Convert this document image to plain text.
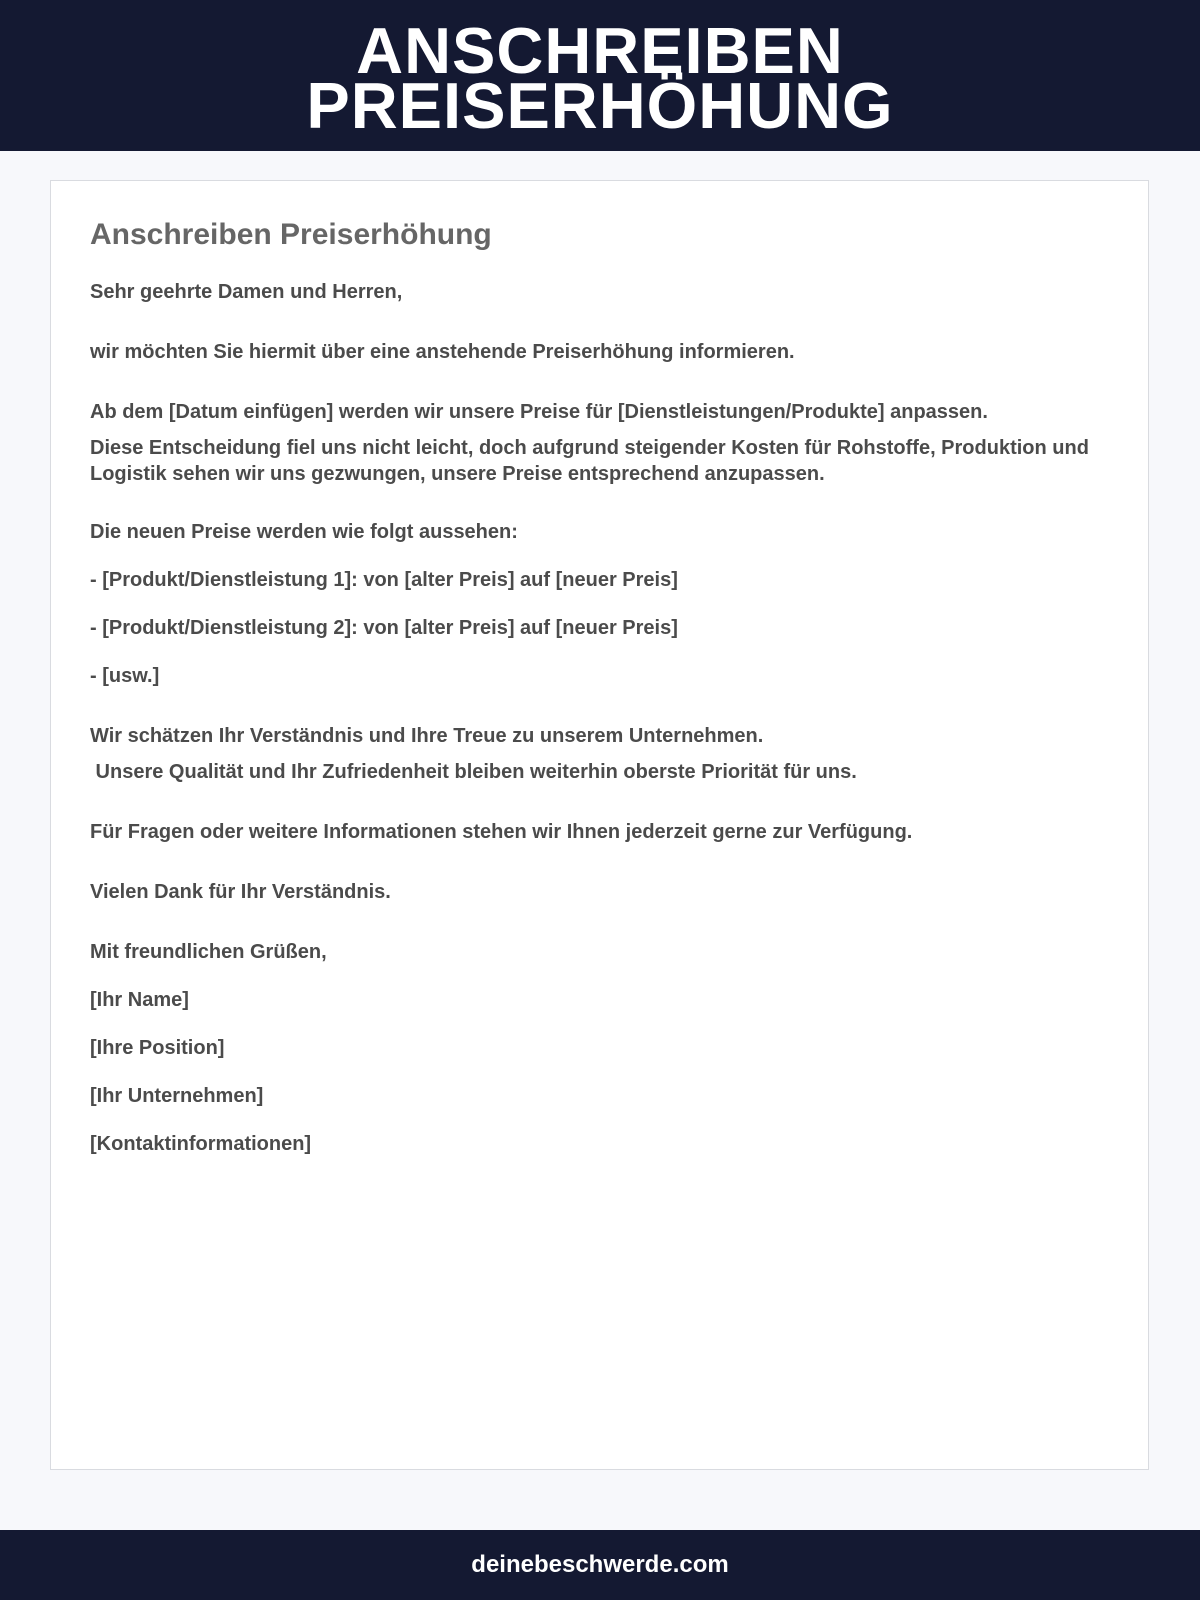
ANSCHREIBEN
PREISERHÖHUNG
Anschreiben Preiserhöhung

Sehr geehrte Damen und Herren,

wir möchten Sie hiermit über eine anstehende Preiserhöhung informieren.

Ab dem [Datum einfügen] werden wir unsere Preise für [Dienstleistungen/Produkte] anpassen.

Diese Entscheidung fiel uns nicht leicht, doch aufgrund steigender Kosten für Rohstoffe, Produktion und Logistik sehen wir uns gezwungen, unsere Preise entsprechend anzupassen.

Die neuen Preise werden wie folgt aussehen:

- [Produkt/Dienstleistung 1]: von [alter Preis] auf [neuer Preis]

- [Produkt/Dienstleistung 2]: von [alter Preis] auf [neuer Preis]

- [usw.]

Wir schätzen Ihr Verständnis und Ihre Treue zu unserem Unternehmen.

Unsere Qualität und Ihr Zufriedenheit bleiben weiterhin oberste Priorität für uns.

Für Fragen oder weitere Informationen stehen wir Ihnen jederzeit gerne zur Verfügung.

Vielen Dank für Ihr Verständnis.

Mit freundlichen Grüßen,

[Ihr Name]

[Ihre Position]

[Ihr Unternehmen]

[Kontaktinformationen]

deinebeschwerde.com
